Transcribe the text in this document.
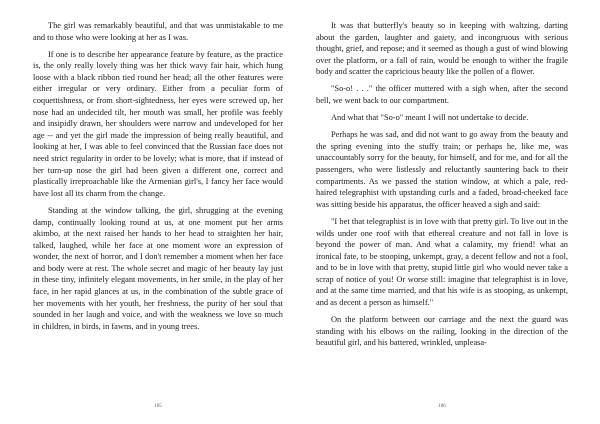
The girl was remarkably beautiful, and that was unmistakable to me and to those who were looking at her as I was.

If one is to describe her appearance feature by feature, as the practice is, the only really lovely thing was her thick wavy fair hair, which hung loose with a black ribbon tied round her head; all the other features were either irregular or very ordinary. Either from a peculiar form of coquettishness, or from short-sightedness, her eyes were screwed up, her nose had an undecided tilt, her mouth was small, her profile was feebly and insipidly drawn, her shoulders were narrow and undeveloped for her age -- and yet the girl made the impression of being really beautiful, and looking at her, I was able to feel convinced that the Russian face does not need strict regularity in order to be lovely; what is more, that if instead of her turn-up nose the girl had been given a different one, correct and plastically irreproachable like the Armenian girl's, I fancy her face would have lost all its charm from the change.

Standing at the window talking, the girl, shrugging at the evening damp, continually looking round at us, at one moment put her arms akimbo, at the next raised her hands to her head to straighten her hair, talked, laughed, while her face at one moment wore an expression of wonder, the next of horror, and I don't remember a moment when her face and body were at rest. The whole secret and magic of her beauty lay just in these tiny, infinitely elegant movements, in her smile, in the play of her face, in her rapid glances at us, in the combination of the subtle grace of her movements with her youth, her freshness, the purity of her soul that sounded in her laugh and voice, and with the weakness we love so much in children, in birds, in fawns, and in young trees.

105

It was that butterfly's beauty so in keeping with waltzing, darting about the garden, laughter and gaiety, and incongruous with serious thought, grief, and repose; and it seemed as though a gust of wind blowing over the platform, or a fall of rain, would be enough to wither the fragile body and scatter the capricious beauty like the pollen of a flower.

"So-o! . . ." the officer muttered with a sigh when, after the second bell, we went back to our compartment.

And what that "So-o" meant I will not undertake to decide.

Perhaps he was sad, and did not want to go away from the beauty and the spring evening into the stuffy train; or perhaps he, like me, was unaccountably sorry for the beauty, for himself, and for me, and for all the passengers, who were listlessly and reluctantly sauntering back to their compartments. As we passed the station window, at which a pale, red-haired telegraphist with upstanding curls and a faded, broad-cheeked face was sitting beside his apparatus, the officer heaved a sigh and said:

"I bet that telegraphist is in love with that pretty girl. To live out in the wilds under one roof with that ethereal creature and not fall in love is beyond the power of man. And what a calamity, my friend! what an ironical fate, to be stooping, unkempt, gray, a decent fellow and not a fool, and to be in love with that pretty, stupid little girl who would never take a scrap of notice of you! Or worse still: imagine that telegraphist is in love, and at the same time married, and that his wife is as stooping, as unkempt, and as decent a person as himself."

On the platform between our carriage and the next the guard was standing with his elbows on the railing, looking in the direction of the beautiful girl, and his battered, wrinkled, unpleasa-

106
